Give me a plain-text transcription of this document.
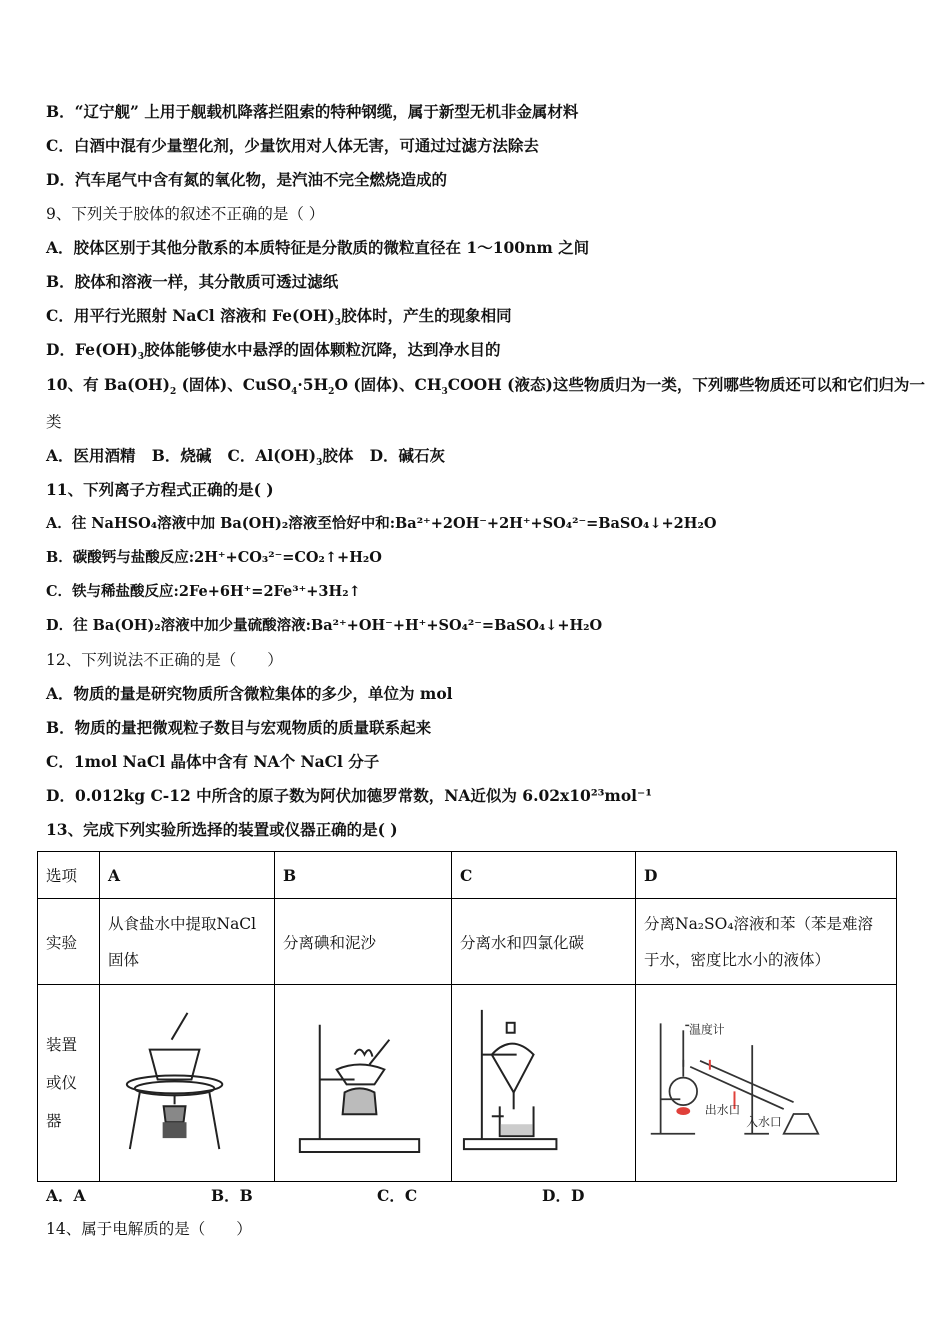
B．“辽宁舰” 上用于舰载机降落拦阻索的特种钢缆，属于新型无机非金属材料
C．白酒中混有少量塑化剂，少量饮用对人体无害，可通过过滤方法除去
D．汽车尾气中含有氮的氧化物，是汽油不完全燃烧造成的
9、下列关于胶体的叙述不正确的是（ ）
A．胶体区别于其他分散系的本质特征是分散质的微粒直径在 1～100nm 之间
B．胶体和溶液一样，其分散质可透过滤纸
C．用平行光照射 NaCl 溶液和 $Fe(OH)_3$胶体时，产生的现象相同
D．$Fe(OH)_3$胶体能够使水中悬浮的固体颗粒沉降，达到净水目的
10、有 $Ba(OH)_2$ (固体)、$CuSO_4\cdot 5H_2O$ (固体)、$CH_3COOH$ (液态)这些物质归为一类，下列哪些物质还可以和它们归为一
类
A．医用酒精 B．烧碱 C．$Al(OH)_3$胶体 D．碱石灰
11、下列离子方程式正确的是( )
A．往 NaHSO₄溶液中加 Ba(OH)₂溶液至恰好中和:Ba²⁺+2OH⁻+2H⁺+SO₄²⁻=BaSO₄↓+2H₂O
B．碳酸钙与盐酸反应:2H⁺+CO₃²⁻=CO₂↑+H₂O
C．铁与稀盐酸反应:2Fe+6H⁺=2Fe³⁺+3H₂↑
D．往 Ba(OH)₂溶液中加少量硫酸溶液:Ba²⁺+OH⁻+H⁺+SO₄²⁻=BaSO₄↓+H₂O
12、下列说法不正确的是（　　）
A．物质的量是研究物质所含微粒集体的多少，单位为 mol
B．物质的量把微观粒子数目与宏观物质的质量联系起来
C．1mol NaCl 晶体中含有 NA个 NaCl 分子
D．0.012kg C-12 中所含的原子数为阿伏加德罗常数，NA近似为 6.02x10²³mol⁻¹
13、完成下列实验所选择的装置或仪器正确的是( )
选项	A	B	C	D
实验	从食盐水中提取NaCl固体	分离碘和泥沙	分离水和四氯化碳	分离Na₂SO₄溶液和苯（苯是难溶于水，密度比水小的液体）
装置或仪器				温度计
出水口
入水口
A．A	B．B	C．C	D．D
14、属于电解质的是（　　）
